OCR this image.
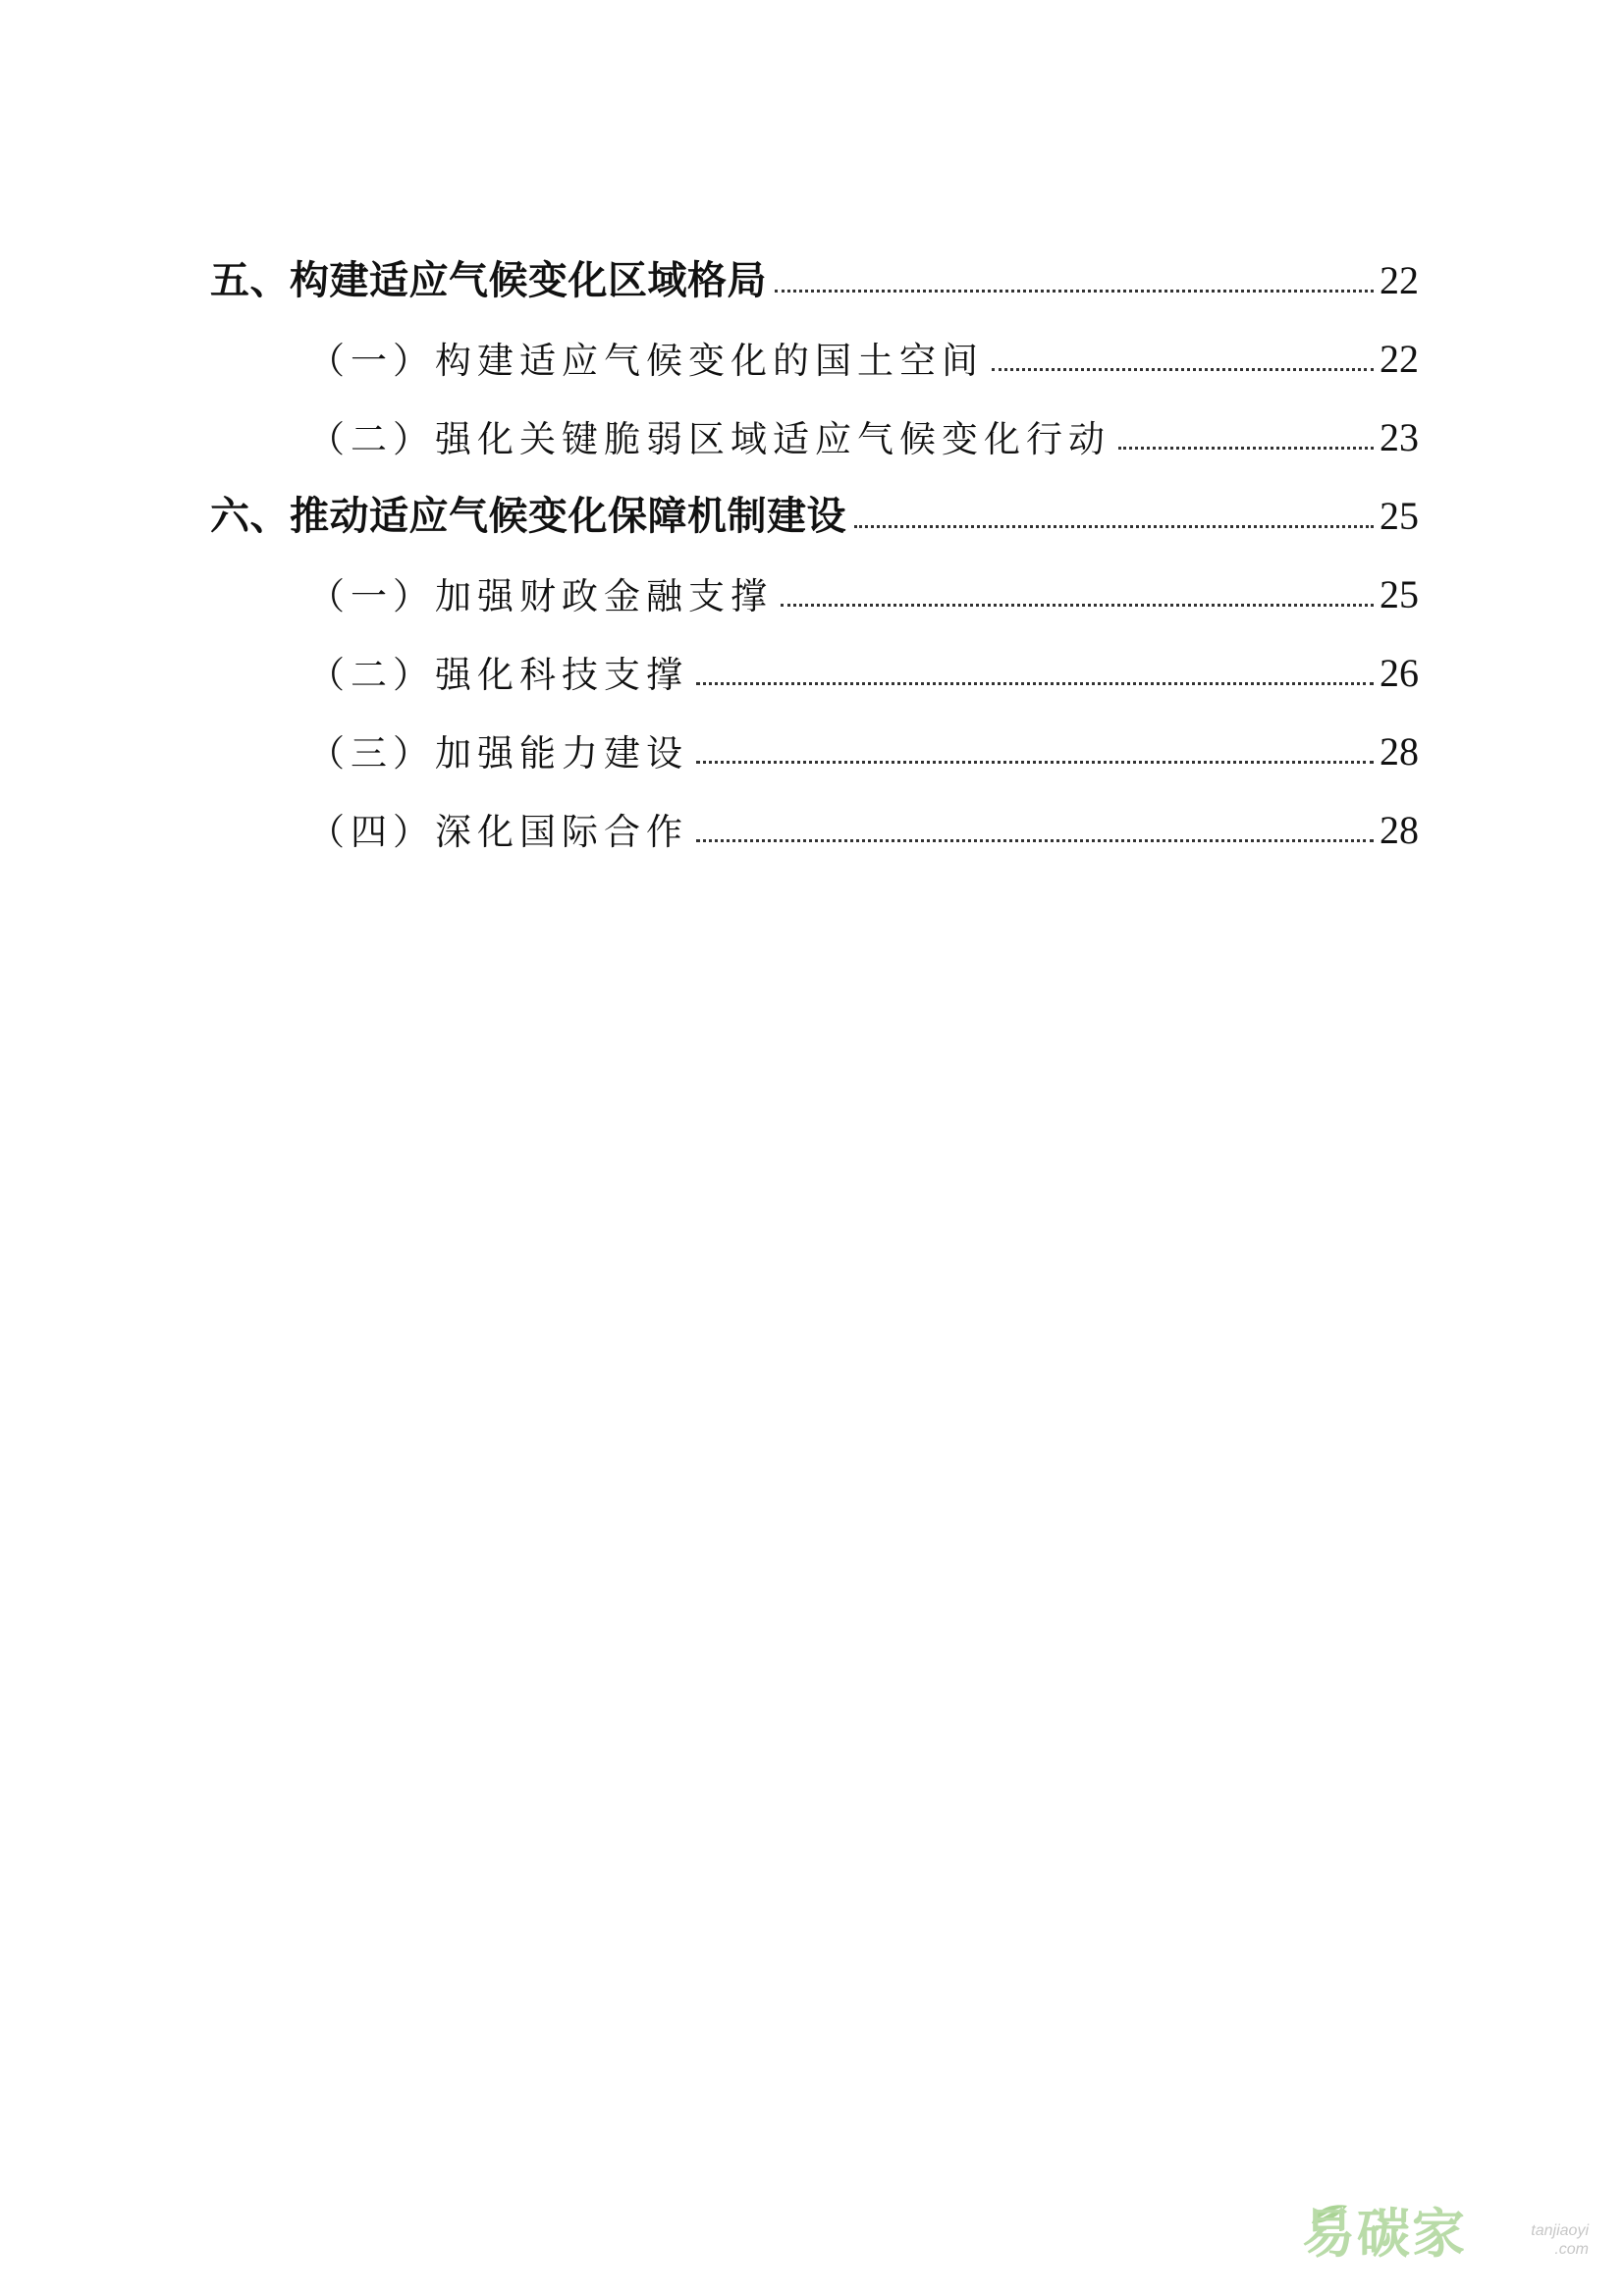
五、构建适应气候变化区域格局	22
（一）构建适应气候变化的国土空间	22
（二）强化关键脆弱区域适应气候变化行动	23
六、推动适应气候变化保障机制建设	25
（一）加强财政金融支撑	25
（二）强化科技支撑	26
（三）加强能力建设	28
（四）深化国际合作	28
易碳家	tanjiaoyi
.com
